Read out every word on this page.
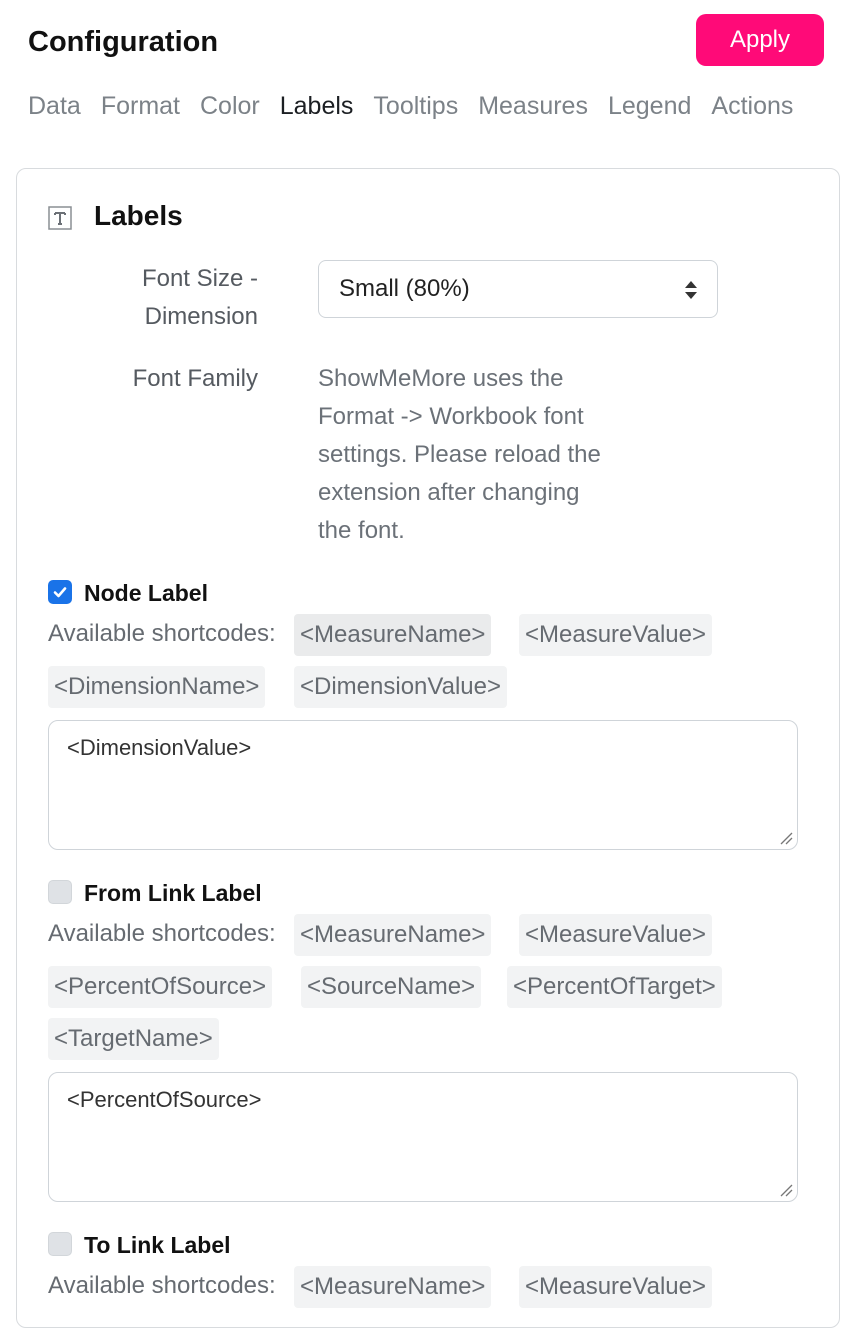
Configuration	Apply
Data Format Color Labels Tooltips Measures Legend Actions
Labels
Font Size -
Dimension
Small (80%)
Font Family	ShowMeMore uses the Format -> Workbook font settings. Please reload the extension after changing the font.
Node Label
Available shortcodes: <MeasureName> <MeasureValue>
<DimensionName> <DimensionValue>
<DimensionValue>
From Link Label
Available shortcodes: <MeasureName> <MeasureValue>
<PercentOfSource> <SourceName> <PercentOfTarget>
<TargetName>
<PercentOfSource>
To Link Label
Available shortcodes: <MeasureName> <MeasureValue>
